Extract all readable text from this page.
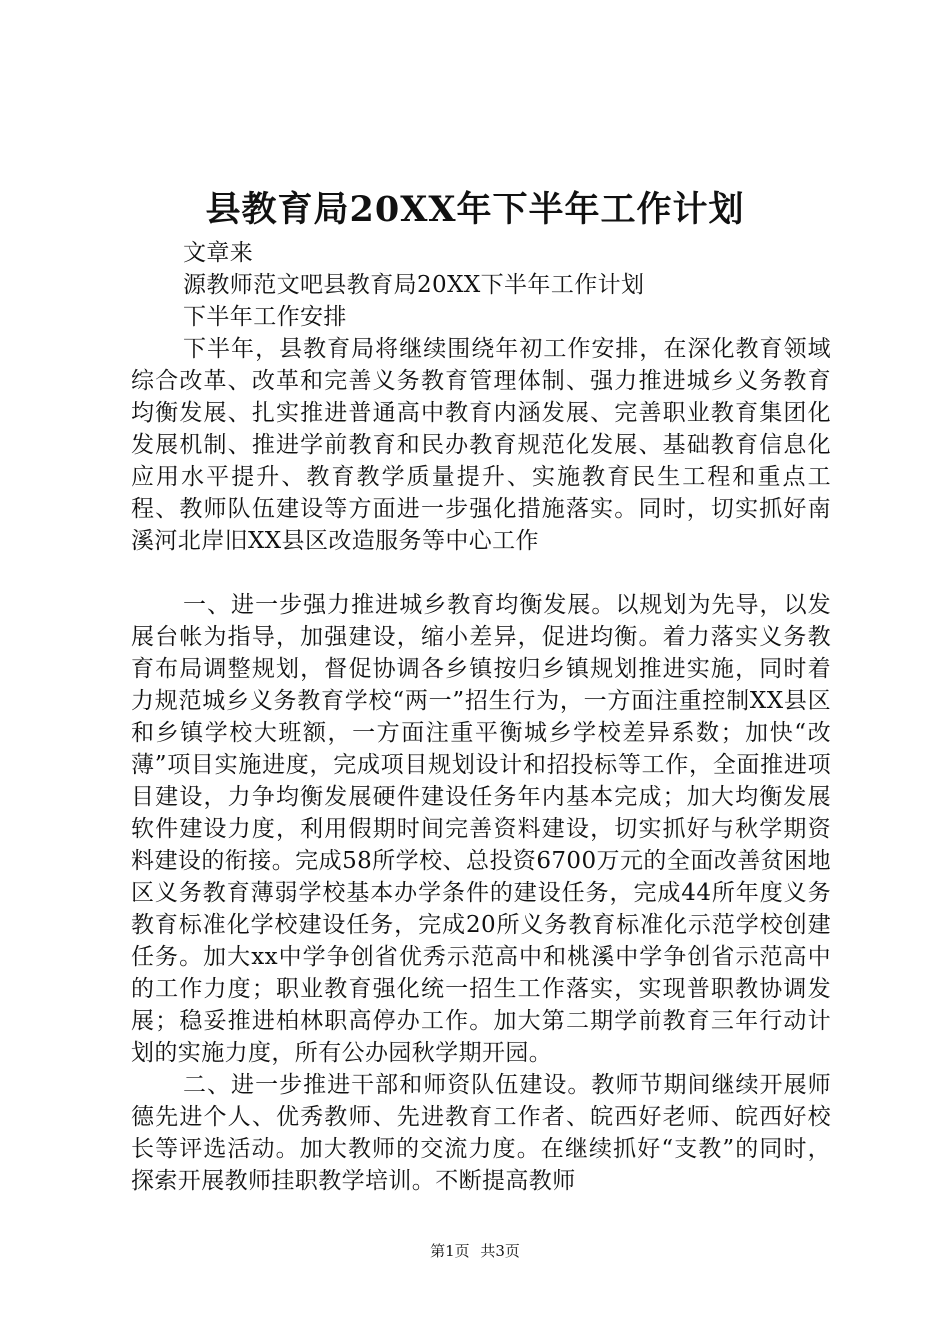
县教育局20XX年下半年工作计划

文章来

源教师范文吧县教育局20XX下半年工作计划

下半年工作安排

下半年，县教育局将继续围绕年初工作安排，在深化教育领域综合改革、改革和完善义务教育管理体制、强力推进城乡义务教育均衡发展、扎实推进普通高中教育内涵发展、完善职业教育集团化发展机制、推进学前教育和民办教育规范化发展、基础教育信息化应用水平提升、教育教学质量提升、实施教育民生工程和重点工程、教师队伍建设等方面进一步强化措施落实。同时，切实抓好南溪河北岸旧XX县区改造服务等中心工作

一、进一步强力推进城乡教育均衡发展。以规划为先导，以发展台帐为指导，加强建设，缩小差异，促进均衡。着力落实义务教育布局调整规划，督促协调各乡镇按归乡镇规划推进实施，同时着力规范城乡义务教育学校“两一”招生行为，一方面注重控制XX县区和乡镇学校大班额，一方面注重平衡城乡学校差异系数；加快“改薄”项目实施进度，完成项目规划设计和招投标等工作，全面推进项目建设，力争均衡发展硬件建设任务年内基本完成；加大均衡发展软件建设力度，利用假期时间完善资料建设，切实抓好与秋学期资料建设的衔接。完成58所学校、总投资6700万元的全面改善贫困地区义务教育薄弱学校基本办学条件的建设任务，完成44所年度义务教育标准化学校建设任务，完成20所义务教育标准化示范学校创建任务。加大xx中学争创省优秀示范高中和桃溪中学争创省示范高中的工作力度；职业教育强化统一招生工作落实，实现普职教协调发展；稳妥推进柏林职高停办工作。加大第二期学前教育三年行动计划的实施力度，所有公办园秋学期开园。

二、进一步推进干部和师资队伍建设。教师节期间继续开展师德先进个人、优秀教师、先进教育工作者、皖西好老师、皖西好校长等评选活动。加大教师的交流力度。在继续抓好“支教”的同时，探索开展教师挂职教学培训。不断提高教师

第1页 共3页
